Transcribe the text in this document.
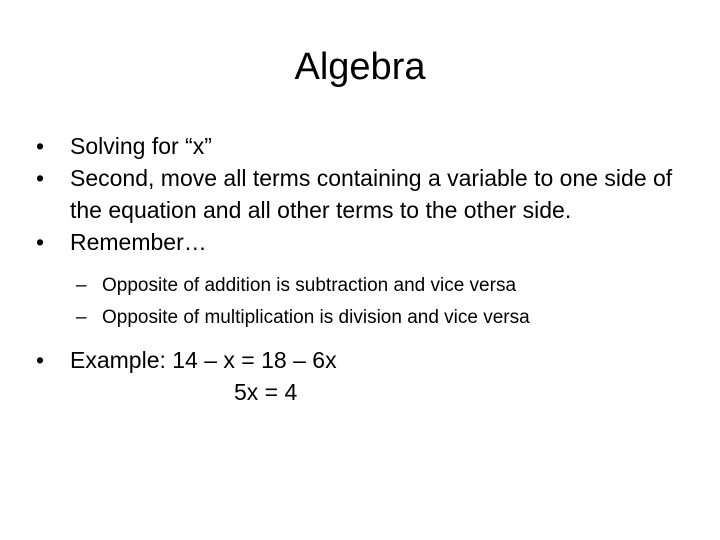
Algebra
•	Solving for “x”
•	Second, move all terms containing a variable to one side of the equation and all other terms to the other side.
•	Remember…
– Opposite of addition is subtraction and vice versa
– Opposite of multiplication is division and vice versa
•	Example: 14 – x = 18 – 6x
5x = 4
